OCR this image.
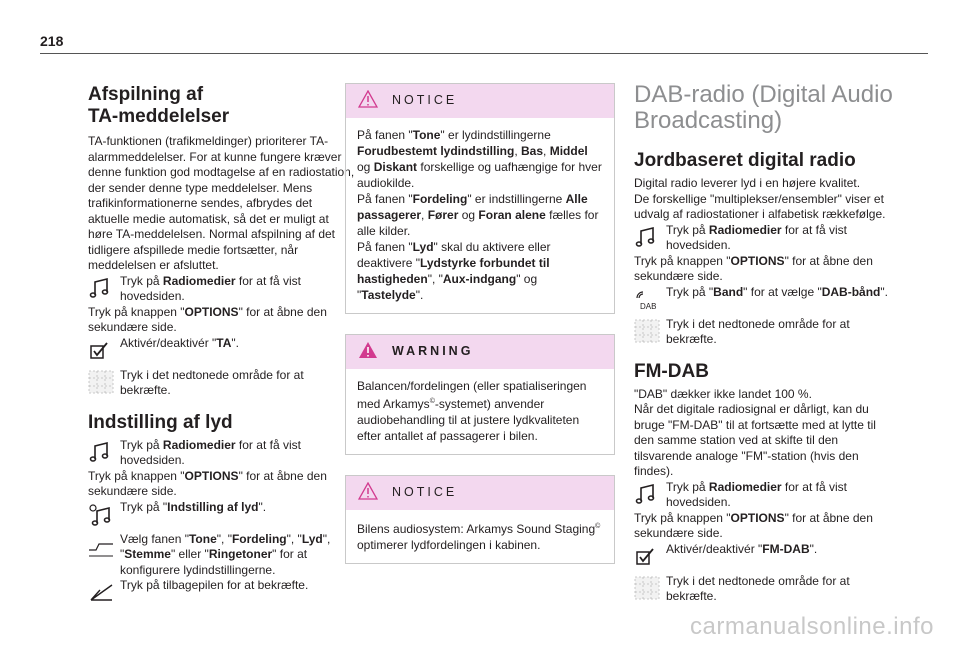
218
Afspilning af
TA-meddelelser

TA-funktionen (trafikmeldinger) prioriterer TA-alarmmeddelelser. For at kunne fungere kræver denne funktion god modtagelse af en radiostation, der sender denne type meddelelser. Mens trafikinformationerne sendes, afbrydes det aktuelle medie automatisk, så det er muligt at høre TA-meddelelsen. Normal afspilning af det tidligere afspillede medie fortsætter, når meddelelsen er afsluttet.

Tryk på Radiomedier for at få vist hovedsiden.

Tryk på knappen "OPTIONS" for at åbne den sekundære side.

Aktivér/deaktivér "TA".
Tryk i det nedtonede område for at bekræfte.
Indstilling af lyd
Tryk på Radiomedier for at få vist hovedsiden.

Tryk på knappen "OPTIONS" for at åbne den sekundære side.

Tryk på "Indstilling af lyd".
Vælg fanen "Tone", "Fordeling", "Lyd", "Stemme" eller "Ringetoner" for at konfigurere lydindstillingerne.
Tryk på tilbagepilen for at bekræfte.
NOTICE
På fanen "Tone" er lydindstillingerne Forudbestemt lydindstilling, Bas, Middel og Diskant forskellige og uafhængige for hver audiokilde.
På fanen "Fordeling" er indstillingerne Alle passagerer, Fører og Foran alene fælles for alle kilder.
På fanen "Lyd" skal du aktivere eller deaktivere "Lydstyrke forbundet til hastigheden", "Aux-indgang" og "Tastelyde".
WARNING
Balancen/fordelingen (eller spatialiseringen med Arkamys©-systemet) anvender audiobehandling til at justere lydkvaliteten efter antallet af passagerer i bilen.
NOTICE
Bilens audiosystem: Arkamys Sound Staging© optimerer lydfordelingen i kabinen.
DAB-radio (Digital Audio
Broadcasting)
Jordbaseret digital radio

Digital radio leverer lyd i en højere kvalitet.

De forskellige "multiplekser/ensembler" viser et udvalg af radiostationer i alfabetisk rækkefølge.

Tryk på Radiomedier for at få vist hovedsiden.

Tryk på knappen "OPTIONS" for at åbne den sekundære side.

DAB
Tryk på "Band" for at vælge "DAB-bånd".
Tryk i det nedtonede område for at bekræfte.
FM-DAB

"DAB" dækker ikke landet 100 %.

Når det digitale radiosignal er dårligt, kan du bruge "FM-DAB" til at fortsætte med at lytte til den samme station ved at skifte til den tilsvarende analoge "FM"-station (hvis den findes).

Tryk på Radiomedier for at få vist hovedsiden.

Tryk på knappen "OPTIONS" for at åbne den sekundære side.

Aktivér/deaktivér "FM-DAB".
Tryk i det nedtonede område for at bekræfte.
carmanualsonline.info
